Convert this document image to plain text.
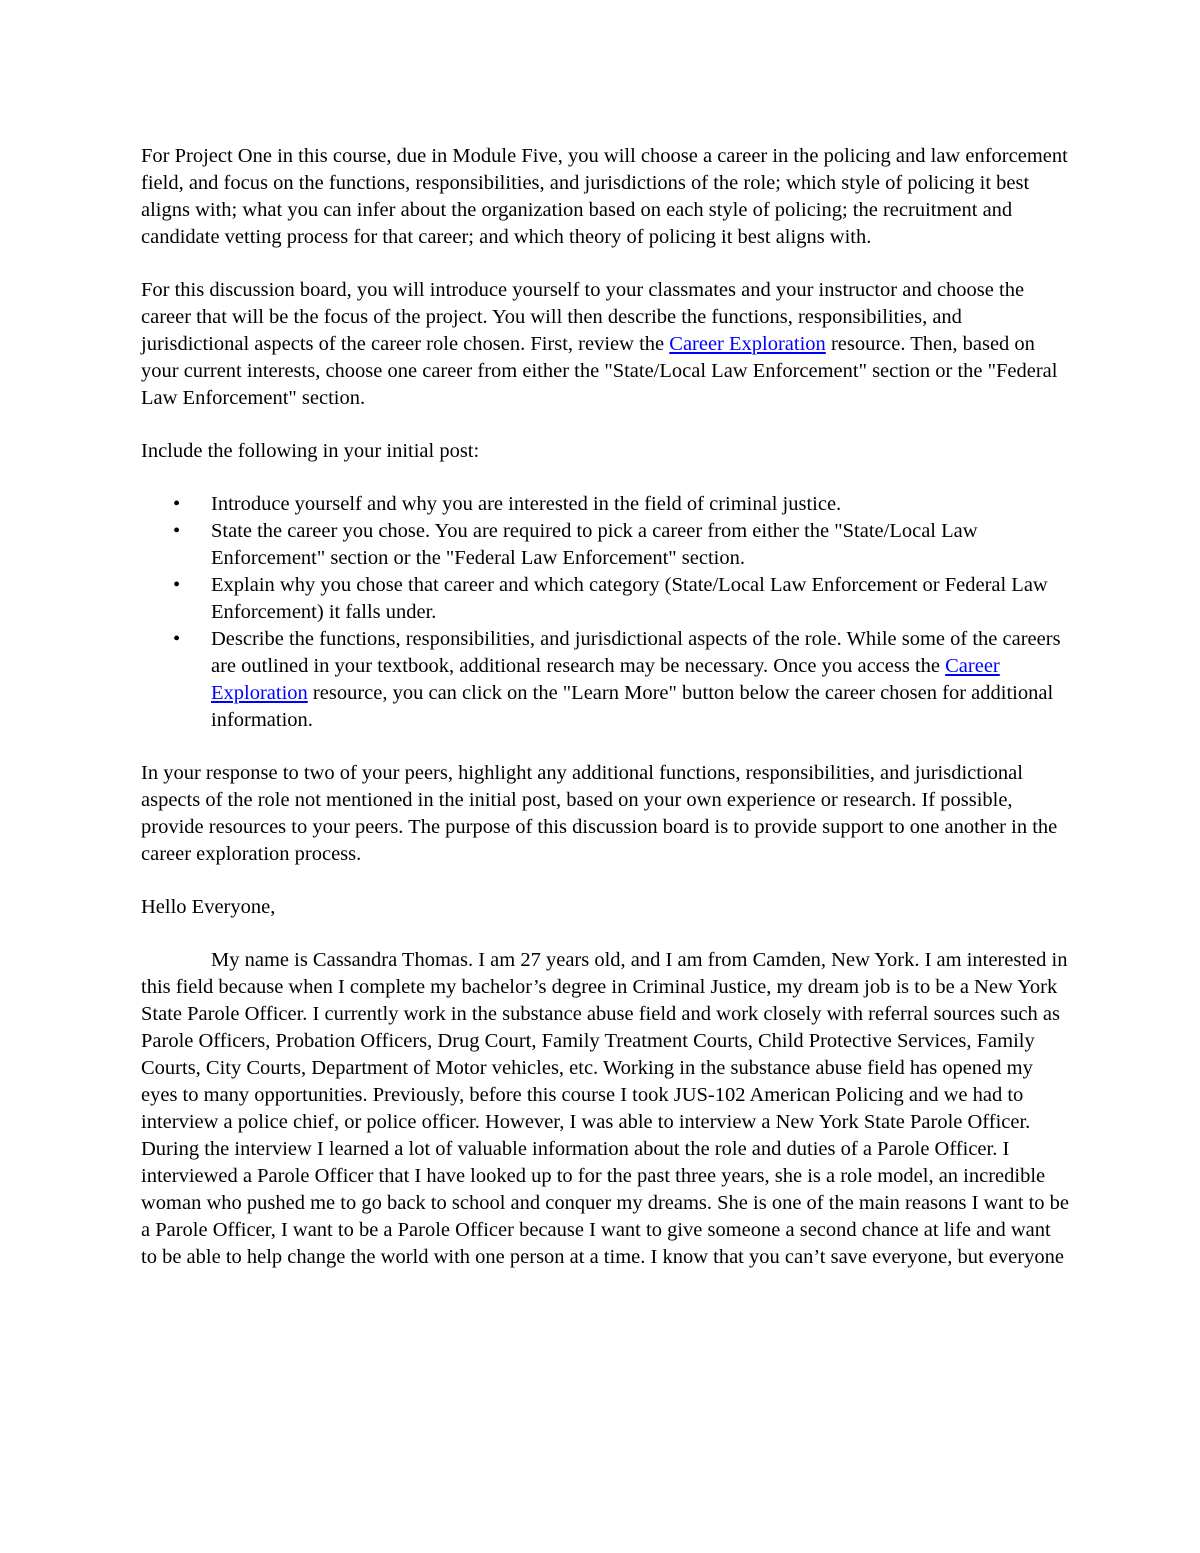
For Project One in this course, due in Module Five, you will choose a career in the policing and law enforcement field, and focus on the functions, responsibilities, and jurisdictions of the role; which style of policing it best aligns with; what you can infer about the organization based on each style of policing; the recruitment and candidate vetting process for that career; and which theory of policing it best aligns with.

For this discussion board, you will introduce yourself to your classmates and your instructor and choose the career that will be the focus of the project. You will then describe the functions, responsibilities, and jurisdictional aspects of the career role chosen. First, review the Career Exploration resource. Then, based on your current interests, choose one career from either the "State/Local Law Enforcement" section or the "Federal Law Enforcement" section.

Include the following in your initial post:

• Introduce yourself and why you are interested in the field of criminal justice.
• State the career you chose. You are required to pick a career from either the "State/Local Law Enforcement" section or the "Federal Law Enforcement" section.
• Explain why you chose that career and which category (State/Local Law Enforcement or Federal Law Enforcement) it falls under.
• Describe the functions, responsibilities, and jurisdictional aspects of the role. While some of the careers are outlined in your textbook, additional research may be necessary. Once you access the Career Exploration resource, you can click on the "Learn More" button below the career chosen for additional information.

In your response to two of your peers, highlight any additional functions, responsibilities, and jurisdictional aspects of the role not mentioned in the initial post, based on your own experience or research. If possible, provide resources to your peers. The purpose of this discussion board is to provide support to one another in the career exploration process.

Hello Everyone,

My name is Cassandra Thomas. I am 27 years old, and I am from Camden, New York. I am interested in this field because when I complete my bachelor’s degree in Criminal Justice, my dream job is to be a New York State Parole Officer. I currently work in the substance abuse field and work closely with referral sources such as Parole Officers, Probation Officers, Drug Court, Family Treatment Courts, Child Protective Services, Family Courts, City Courts, Department of Motor vehicles, etc. Working in the substance abuse field has opened my eyes to many opportunities. Previously, before this course I took JUS-102 American Policing and we had to interview a police chief, or police officer. However, I was able to interview a New York State Parole Officer. During the interview I learned a lot of valuable information about the role and duties of a Parole Officer. I interviewed a Parole Officer that I have looked up to for the past three years, she is a role model, an incredible woman who pushed me to go back to school and conquer my dreams. She is one of the main reasons I want to be a Parole Officer, I want to be a Parole Officer because I want to give someone a second chance at life and want to be able to help change the world with one person at a time. I know that you can’t save everyone, but everyone
